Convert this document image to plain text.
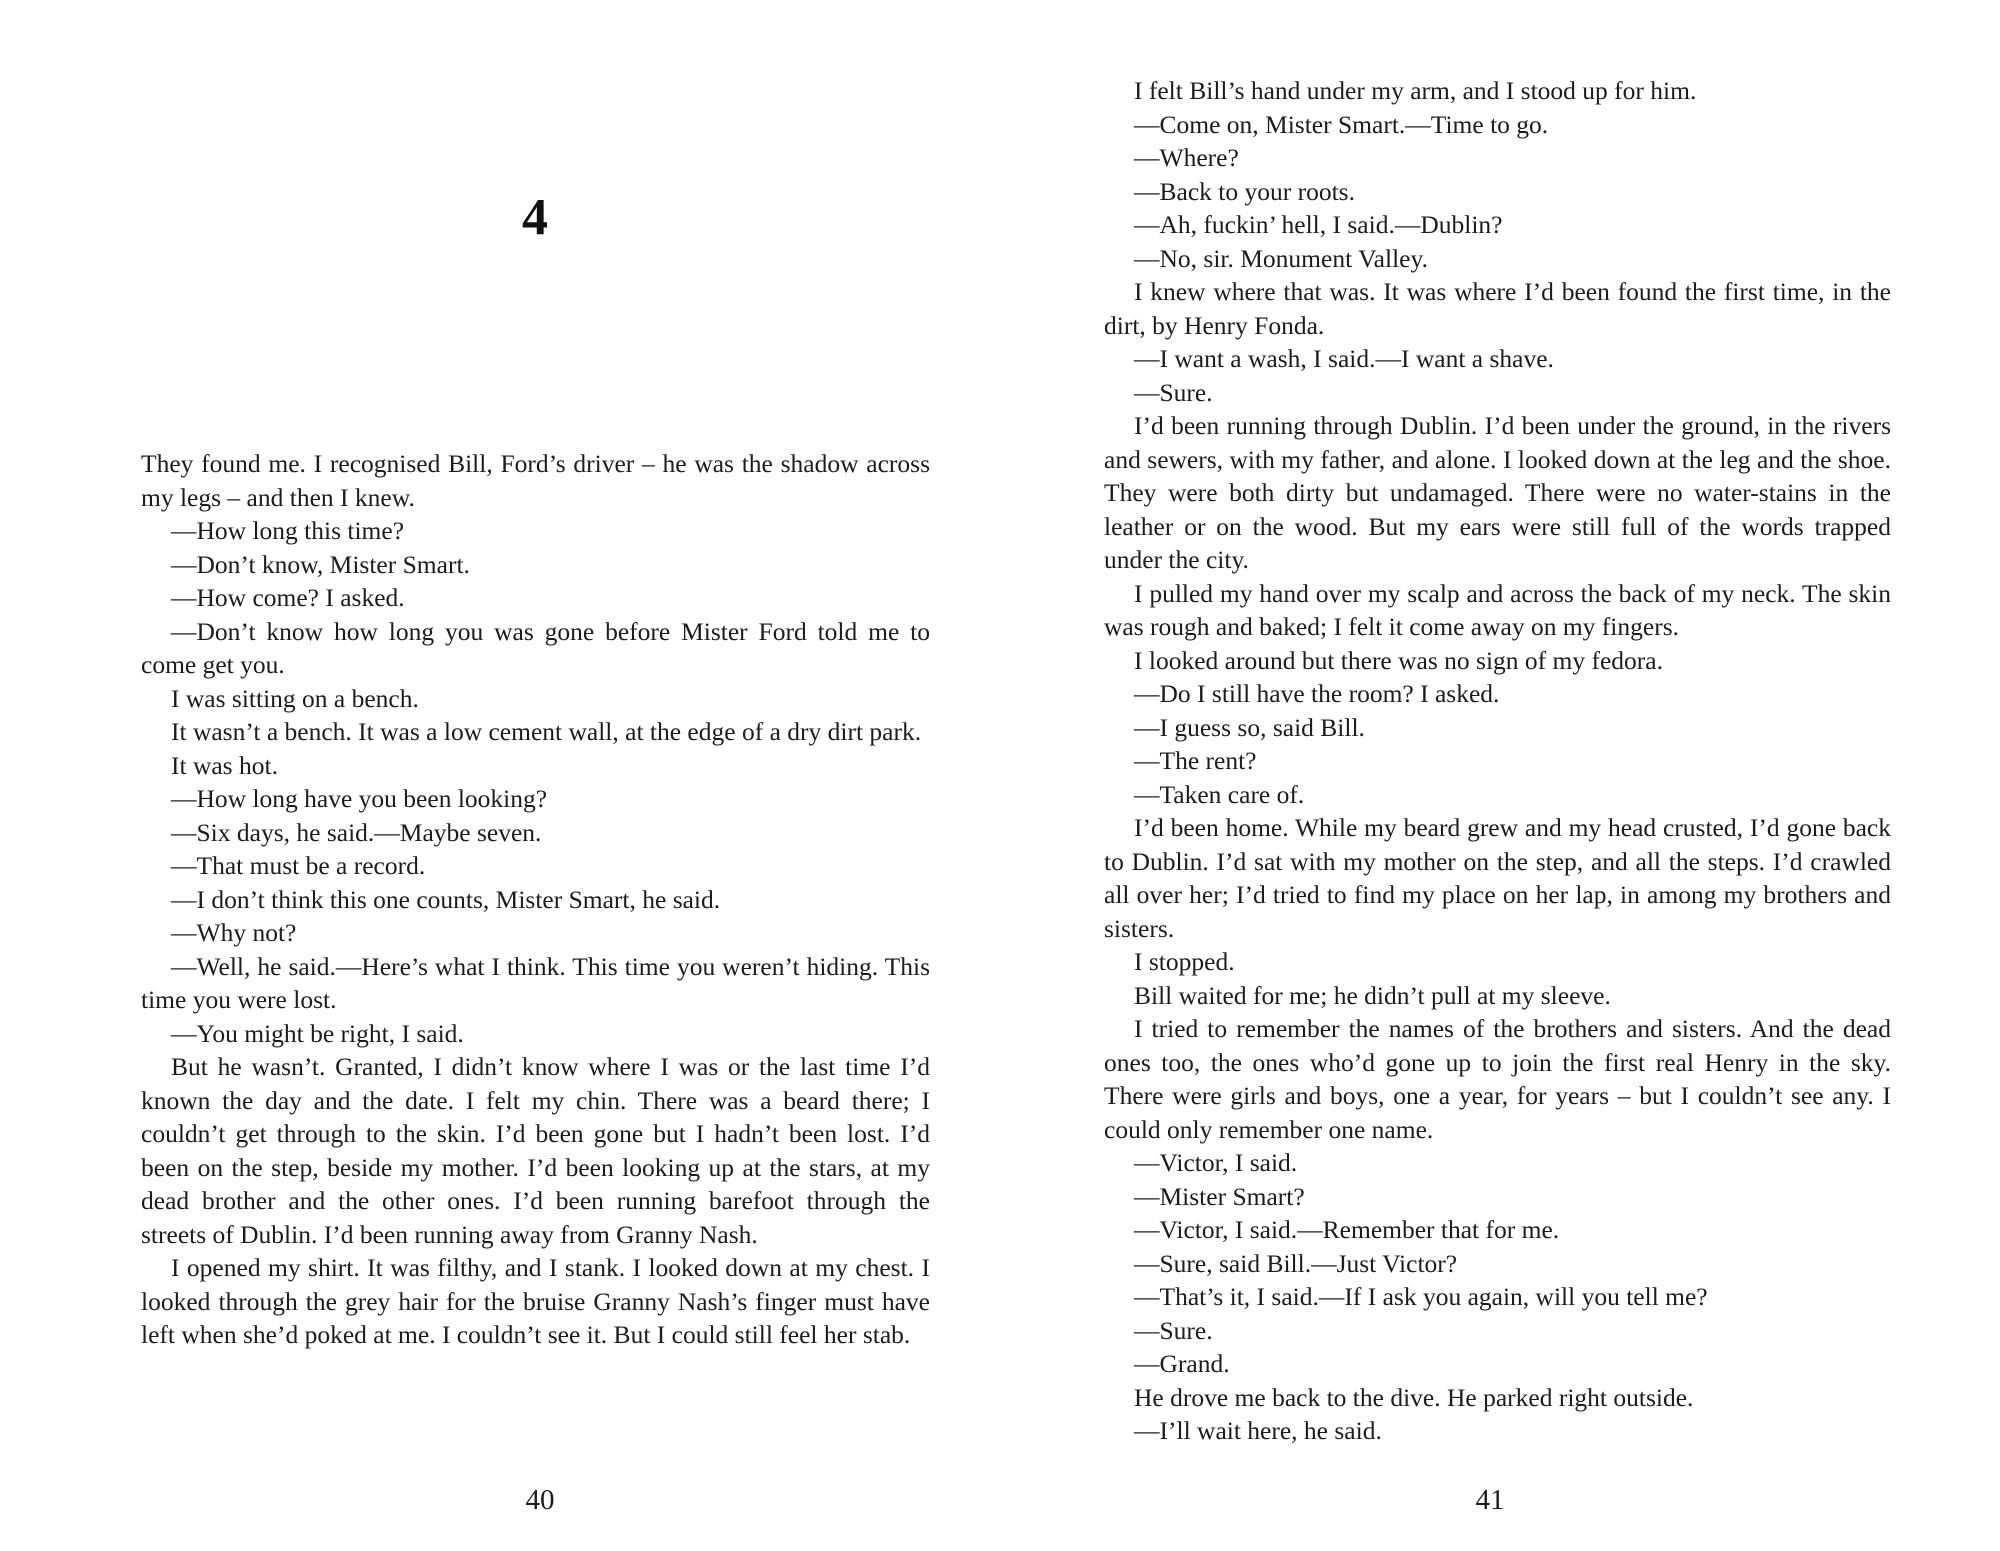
4

They found me. I recognised Bill, Ford’s driver – he was the shadow across my legs – and then I knew.

—How long this time?

—Don’t know, Mister Smart.

—How come? I asked.

—Don’t know how long you was gone before Mister Ford told me to come get you.

I was sitting on a bench.

It wasn’t a bench. It was a low cement wall, at the edge of a dry dirt park.

It was hot.

—How long have you been looking?

—Six days, he said.—Maybe seven.

—That must be a record.

—I don’t think this one counts, Mister Smart, he said.

—Why not?

—Well, he said.—Here’s what I think. This time you weren’t hiding. This time you were lost.

—You might be right, I said.

But he wasn’t. Granted, I didn’t know where I was or the last time I’d known the day and the date. I felt my chin. There was a beard there; I couldn’t get through to the skin. I’d been gone but I hadn’t been lost. I’d been on the step, beside my mother. I’d been looking up at the stars, at my dead brother and the other ones. I’d been running barefoot through the streets of Dublin. I’d been running away from Granny Nash.

I opened my shirt. It was filthy, and I stank. I looked down at my chest. I looked through the grey hair for the bruise Granny Nash’s finger must have left when she’d poked at me. I couldn’t see it. But I could still feel her stab.

40

I felt Bill’s hand under my arm, and I stood up for him.

—Come on, Mister Smart.—Time to go.

—Where?

—Back to your roots.

—Ah, fuckin’ hell, I said.—Dublin?

—No, sir. Monument Valley.

I knew where that was. It was where I’d been found the first time, in the dirt, by Henry Fonda.

—I want a wash, I said.—I want a shave.

—Sure.

I’d been running through Dublin. I’d been under the ground, in the rivers and sewers, with my father, and alone. I looked down at the leg and the shoe. They were both dirty but undamaged. There were no water-stains in the leather or on the wood. But my ears were still full of the words trapped under the city.

I pulled my hand over my scalp and across the back of my neck. The skin was rough and baked; I felt it come away on my fingers.

I looked around but there was no sign of my fedora.

—Do I still have the room? I asked.

—I guess so, said Bill.

—The rent?

—Taken care of.

I’d been home. While my beard grew and my head crusted, I’d gone back to Dublin. I’d sat with my mother on the step, and all the steps. I’d crawled all over her; I’d tried to find my place on her lap, in among my brothers and sisters.

I stopped.

Bill waited for me; he didn’t pull at my sleeve.

I tried to remember the names of the brothers and sisters. And the dead ones too, the ones who’d gone up to join the first real Henry in the sky. There were girls and boys, one a year, for years – but I couldn’t see any. I could only remember one name.

—Victor, I said.

—Mister Smart?

—Victor, I said.—Remember that for me.

—Sure, said Bill.—Just Victor?

—That’s it, I said.—If I ask you again, will you tell me?

—Sure.

—Grand.

He drove me back to the dive. He parked right outside.

—I’ll wait here, he said.

41
